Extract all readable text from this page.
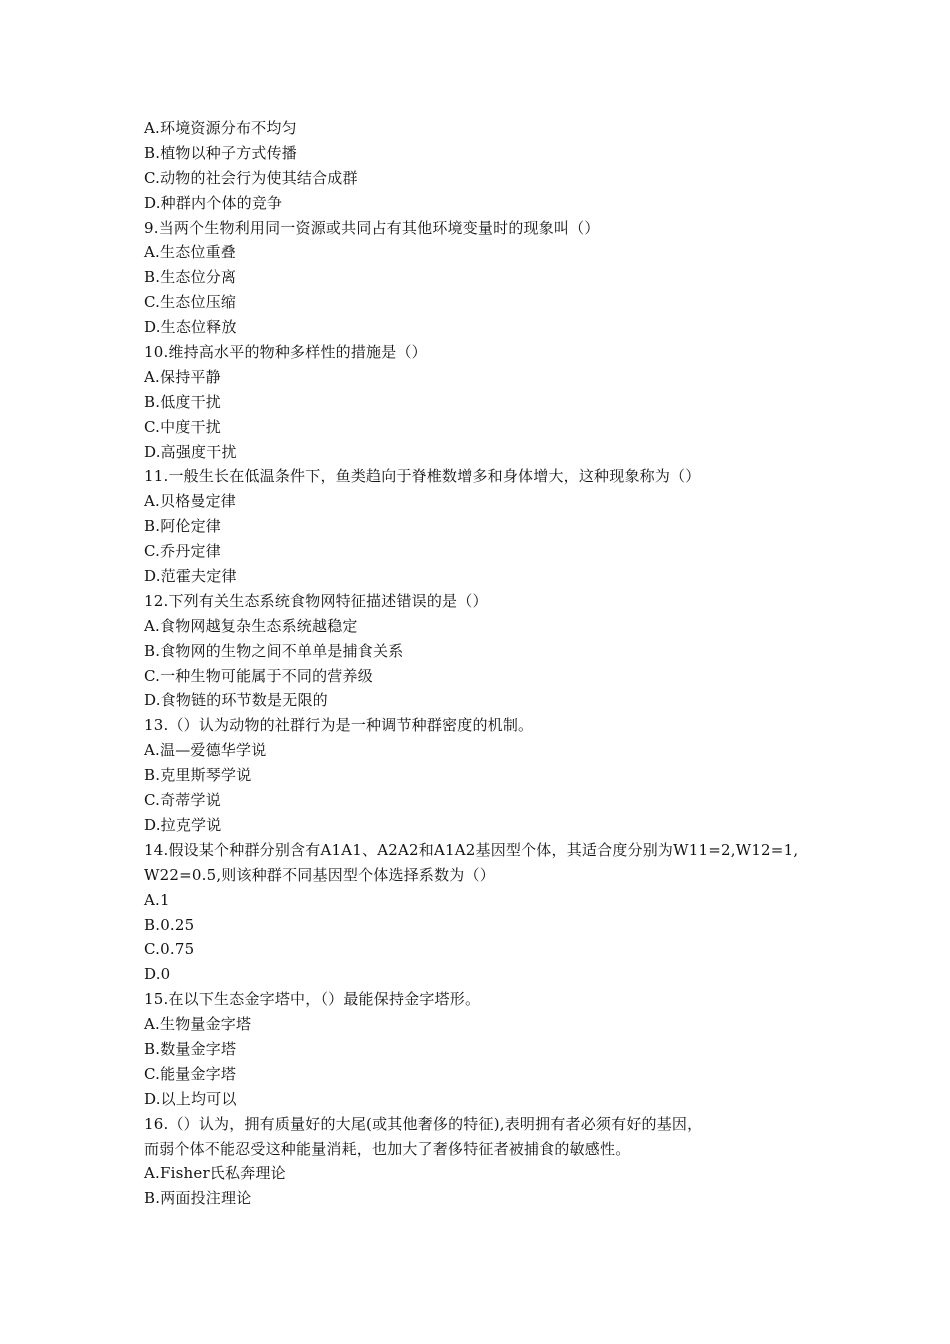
A.环境资源分布不均匀
B.植物以种子方式传播
C.动物的社会行为使其结合成群
D.种群内个体的竞争
9.当两个生物利用同一资源或共同占有其他环境变量时的现象叫（）
A.生态位重叠
B.生态位分离
C.生态位压缩
D.生态位释放
10.维持高水平的物种多样性的措施是（）
A.保持平静
B.低度干扰
C.中度干扰
D.高强度干扰
11.一般生长在低温条件下，鱼类趋向于脊椎数增多和身体增大，这种现象称为（）
A.贝格曼定律
B.阿伦定律
C.乔丹定律
D.范霍夫定律
12.下列有关生态系统食物网特征描述错误的是（）
A.食物网越复杂生态系统越稳定
B.食物网的生物之间不单单是捕食关系
C.一种生物可能属于不同的营养级
D.食物链的环节数是无限的
13.（）认为动物的社群行为是一种调节种群密度的机制。
A.温—爱德华学说
B.克里斯琴学说
C.奇蒂学说
D.拉克学说
14.假设某个种群分别含有A1A1、A2A2和A1A2基因型个体，其适合度分别为W11=2,W12=1,
W22=0.5,则该种群不同基因型个体选择系数为（）
A.1
B.0.25
C.0.75
D.0
15.在以下生态金字塔中，（）最能保持金字塔形。
A.生物量金字塔
B.数量金字塔
C.能量金字塔
D.以上均可以
16.（）认为，拥有质量好的大尾(或其他奢侈的特征),表明拥有者必须有好的基因，
而弱个体不能忍受这种能量消耗，也加大了奢侈特征者被捕食的敏感性。
A.Fisher氏私奔理论
B.两面投注理论
